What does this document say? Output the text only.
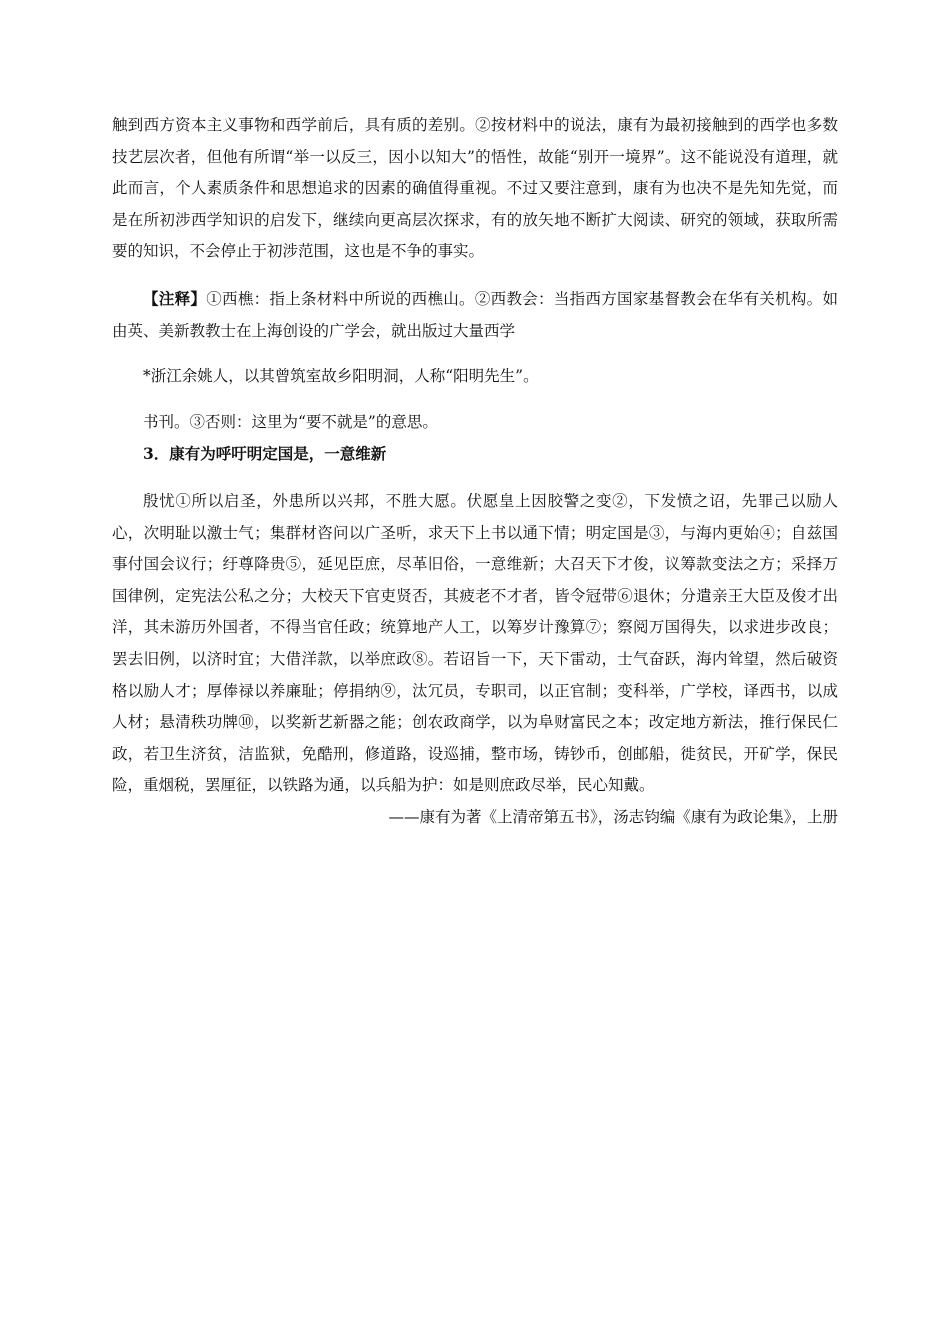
触到西方资本主义事物和西学前后，具有质的差别。②按材料中的说法，康有为最初接触到的西学也多数技艺层次者，但他有所谓“举一以反三，因小以知大”的悟性，故能“别开一境界”。这不能说没有道理，就此而言，个人素质条件和思想追求的因素的确值得重视。不过又要注意到，康有为也决不是先知先觉，而是在所初涉西学知识的启发下，继续向更高层次探求，有的放矢地不断扩大阅读、研究的领域，获取所需要的知识，不会停止于初涉范围，这也是不争的事实。

【注释】①西樵：指上条材料中所说的西樵山。②西教会：当指西方国家基督教会在华有关机构。如由英、美新教教士在上海创设的广学会，就出版过大量西学

*浙江余姚人，以其曾筑室故乡阳明洞，人称“阳明先生”。

书刊。③否则：这里为“要不就是”的意思。

3．康有为呼吁明定国是，一意维新

殷忧①所以启圣，外患所以兴邦，不胜大愿。伏愿皇上因胶警之变②，下发愤之诏，先罪己以励人心，次明耻以激士气；集群材咨问以广圣听，求天下上书以通下情；明定国是③，与海内更始④；自兹国事付国会议行；纡尊降贵⑤，延见臣庶，尽革旧俗，一意维新；大召天下才俊，议筹款变法之方；采择万国律例，定宪法公私之分；大校天下官吏贤否，其疲老不才者，皆令冠带⑥退休；分遣亲王大臣及俊才出洋，其未游历外国者，不得当官任政；统算地产人工，以筹岁计豫算⑦；察阅万国得失，以求进步改良；罢去旧例，以济时宜；大借洋款，以举庶政⑧。若诏旨一下，天下雷动，士气奋跃，海内耸望，然后破资格以励人才；厚俸禄以养廉耻；停捐纳⑨，汰冗员，专职司，以正官制；变科举，广学校，译西书，以成人材；悬清秩功牌⑩，以奖新艺新器之能；创农政商学，以为阜财富民之本；改定地方新法，推行保民仁政，若卫生济贫，洁监狱，免酷刑，修道路，设巡捕，整市场，铸钞币，创邮船，徙贫民，开矿学，保民险，重烟税，罢厘征，以铁路为通，以兵船为护：如是则庶政尽举，民心知戴。

——康有为著《上清帝第五书》，汤志钧编《康有为政论集》，上册
